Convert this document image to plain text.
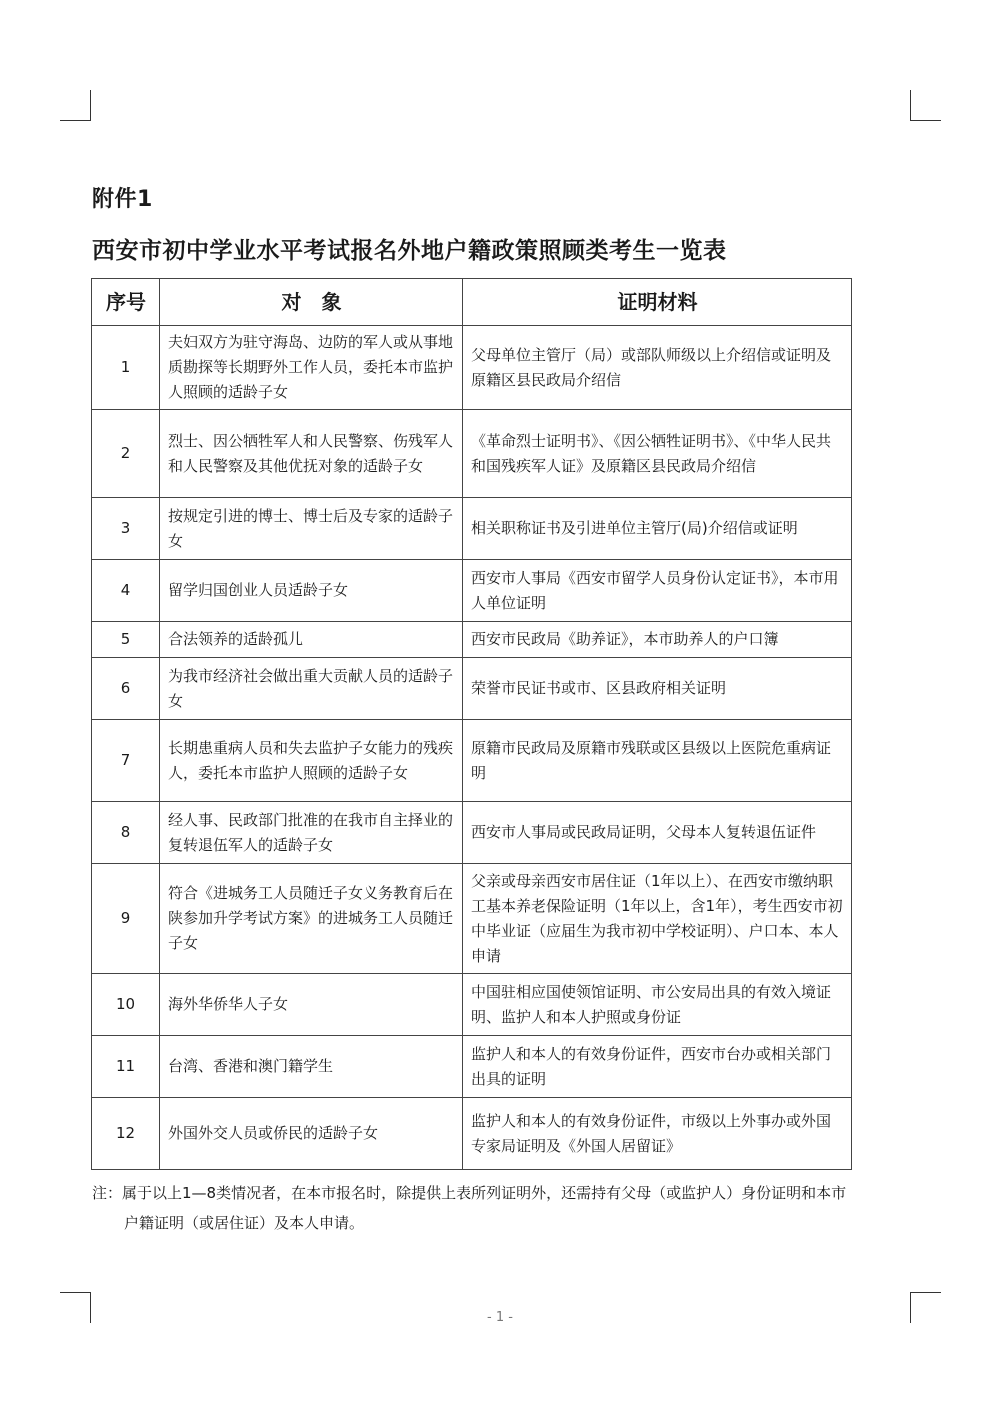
附件1
西安市初中学业水平考试报名外地户籍政策照顾类考生一览表
序号	对　象	证明材料
1	夫妇双方为驻守海岛、边防的军人或从事地质勘探等长期野外工作人员，委托本市监护人照顾的适龄子女	父母单位主管厅（局）或部队师级以上介绍信或证明及原籍区县民政局介绍信
2	烈士、因公牺牲军人和人民警察、伤残军人和人民警察及其他优抚对象的适龄子女	《革命烈士证明书》、《因公牺牲证明书》、《中华人民共和国残疾军人证》及原籍区县民政局介绍信
3	按规定引进的博士、博士后及专家的适龄子女	相关职称证书及引进单位主管厅(局)介绍信或证明
4	留学归国创业人员适龄子女	西安市人事局《西安市留学人员身份认定证书》，本市用人单位证明
5	合法领养的适龄孤儿	西安市民政局《助养证》，本市助养人的户口簿
6	为我市经济社会做出重大贡献人员的适龄子女	荣誉市民证书或市、区县政府相关证明
7	长期患重病人员和失去监护子女能力的残疾人，委托本市监护人照顾的适龄子女	原籍市民政局及原籍市残联或区县级以上医院危重病证明
8	经人事、民政部门批准的在我市自主择业的复转退伍军人的适龄子女	西安市人事局或民政局证明，父母本人复转退伍证件
9	符合《进城务工人员随迁子女义务教育后在陕参加升学考试方案》的进城务工人员随迁子女	父亲或母亲西安市居住证（1年以上）、在西安市缴纳职工基本养老保险证明（1年以上，含1年），考生西安市初中毕业证（应届生为我市初中学校证明）、户口本、本人申请
10	海外华侨华人子女	中国驻相应国使领馆证明、市公安局出具的有效入境证明、监护人和本人护照或身份证
11	台湾、香港和澳门籍学生	监护人和本人的有效身份证件，西安市台办或相关部门出具的证明
12	外国外交人员或侨民的适龄子女	监护人和本人的有效身份证件，市级以上外事办或外国专家局证明及《外国人居留证》
注：属于以上1—8类情况者，在本市报名时，除提供上表所列证明外，还需持有父母（或监护人）身份证明和本市
户籍证明（或居住证）及本人申请。
- 1 -
